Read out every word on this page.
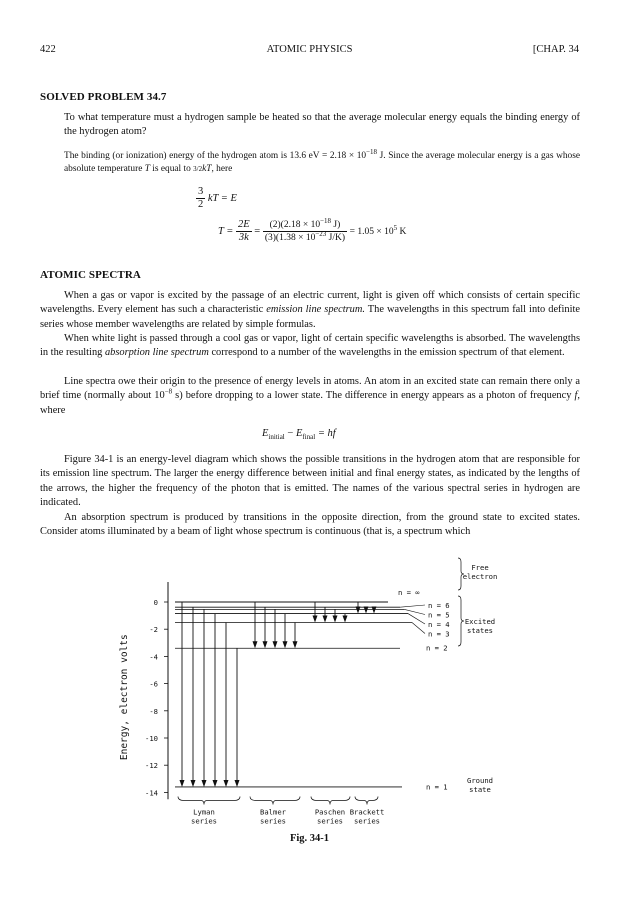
422	ATOMIC PHYSICS	[CHAP. 34
SOLVED PROBLEM 34.7

To what temperature must a hydrogen sample be heated so that the average molecular energy equals the binding energy of the hydrogen atom?

The binding (or ionization) energy of the hydrogen atom is 13.6 eV = $2.18 \times 10^{-18}$ J. Since the average molecular energy is a gas whose absolute temperature T is equal to 3/2kT, here

$\frac{3}{2}$ kT = E
$T = \frac{2E}{3k} = \frac{(2)(2.18 \times 10^{-18} J)}{(3)(1.38 \times 10^{-23} J/K)} = 1.05 \times 10^5$ K
ATOMIC SPECTRA

When a gas or vapor is excited by the passage of an electric current, light is given off which consists of certain specific wavelengths. Every element has such a characteristic emission line spectrum. The wavelengths in this spectrum fall into definite series whose member wavelengths are related by simple formulas.

When white light is passed through a cool gas or vapor, light of certain specific wavelengths is absorbed. The wavelengths in the resulting absorption line spectrum correspond to a number of the wavelengths in the emission spectrum of that element.

Line spectra owe their origin to the presence of energy levels in atoms. An atom in an excited state can remain there only a brief time (normally about $10^{-8}$ s) before dropping to a lower state. The difference in energy appears as a photon of frequency f, where

$E_{initial} - E_{final}$ = hf

Figure 34-1 is an energy-level diagram which shows the possible transitions in the hydrogen atom that are responsible for its emission line spectrum. The larger the energy difference between initial and final energy states, as indicated by the lengths of the arrows, the higher the frequency of the photon that is emitted. The names of the various spectral series in hydrogen are indicated.

An absorption spectrum is produced by transitions in the opposite direction, from the ground state to excited states. Consider atoms illuminated by a beam of light whose spectrum is continuous (that is, a spectrum which

0
-2
-4
-6
-8
-10
-12
-14
Energy, electron volts
n = ∞
n = 6
n = 5
n = 4
n = 3
n = 2
n = 1
Lyman
series
Balmer
series
Paschen
series
Brackett
series
Free
electron
Excited
states
Ground
state
Fig. 34-1
